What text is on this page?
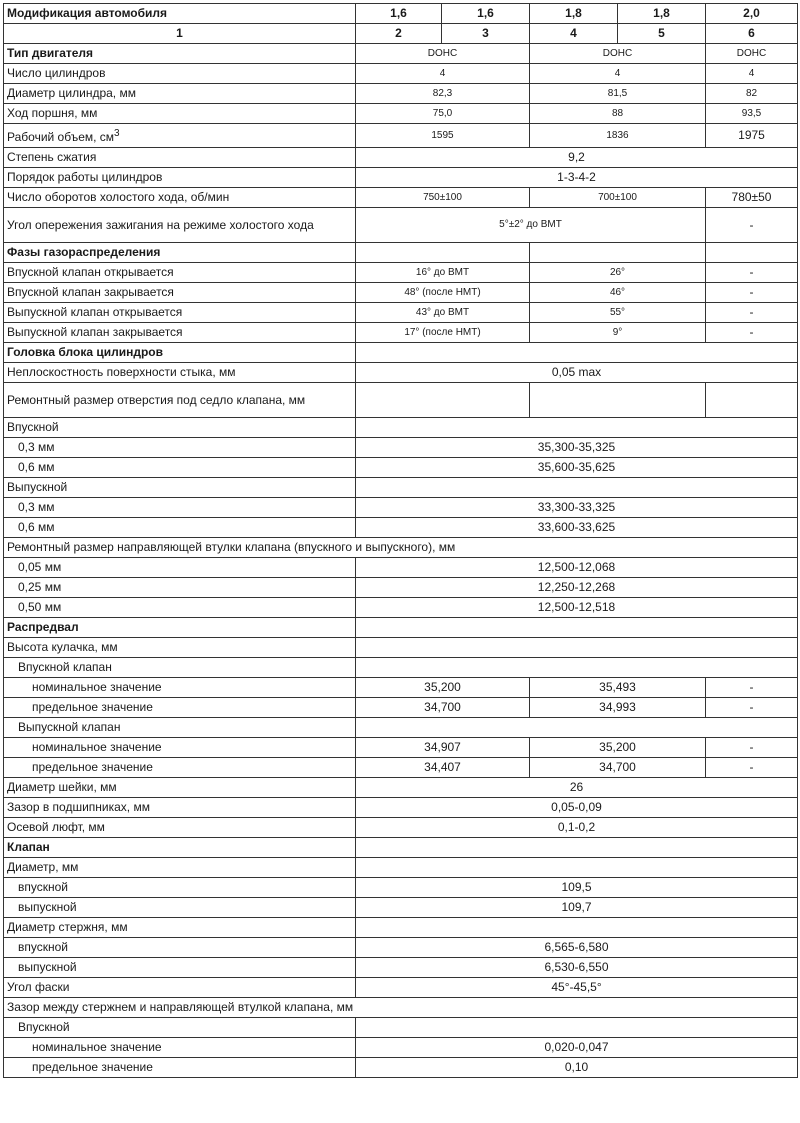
Модификация автомобиля	1,6	1,6	1,8	1,8	2,0
1	2	3	4	5	6
Тип двигателя	DOHC		DOHC		DOHC
Число цилиндров	4		4		4
Диаметр цилиндра, мм	82,3		81,5		82
Ход поршня, мм	75,0		88		93,5
Рабочий объем, $см^3$	1595		1836		1975
Степень сжатия	9,2				
Порядок работы цилиндров	1-3-4-2				
Число оборотов холостого хода, об/мин	750±100		700±100		780±50
Угол опережения зажигания на режиме холостого хода	5°±2° до ВМТ				-
Фазы газораспределения					
Впускной клапан открывается	16° до ВМТ		26°		-
Впускной клапан закрывается	48° (после НМТ)		46°		-
Выпускной клапан открывается	43° до ВМТ		55°		-
Выпускной клапан закрывается	17° (после НМТ)		9°		-
Головка блока цилиндров					
Неплоскостность поверхности стыка, мм	0,05 max				
Ремонтный размер отверстия под седло клапана, мм					
Впускной					
0,3 мм	35,300-35,325				
0,6 мм	35,600-35,625				
Выпускной					
0,3 мм	33,300-33,325				
0,6 мм	33,600-33,625				
Ремонтный размер направляющей втулки клапана (впускного и выпускного), мм					
0,05 мм	12,500-12,068				
0,25 мм	12,250-12,268				
0,50 мм	12,500-12,518				
Распредвал					
Высота кулачка, мм					
Впускной клапан					
номинальное значение	35,200		35,493		-
предельное значение	34,700		34,993		-
Выпускной клапан					
номинальное значение	34,907		35,200		-
предельное значение	34,407		34,700		-
Диаметр шейки, мм	26				
Зазор в подшипниках, мм	0,05-0,09				
Осевой люфт, мм	0,1-0,2				
Клапан					
Диаметр, мм					
впускной	109,5				
выпускной	109,7				
Диаметр стержня, мм					
впускной	6,565-6,580				
выпускной	6,530-6,550				
Угол фаски	45°-45,5°				
Зазор между стержнем и направляющей втулкой клапана, мм					
Впускной					
номинальное значение	0,020-0,047				
предельное значение	0,10				
